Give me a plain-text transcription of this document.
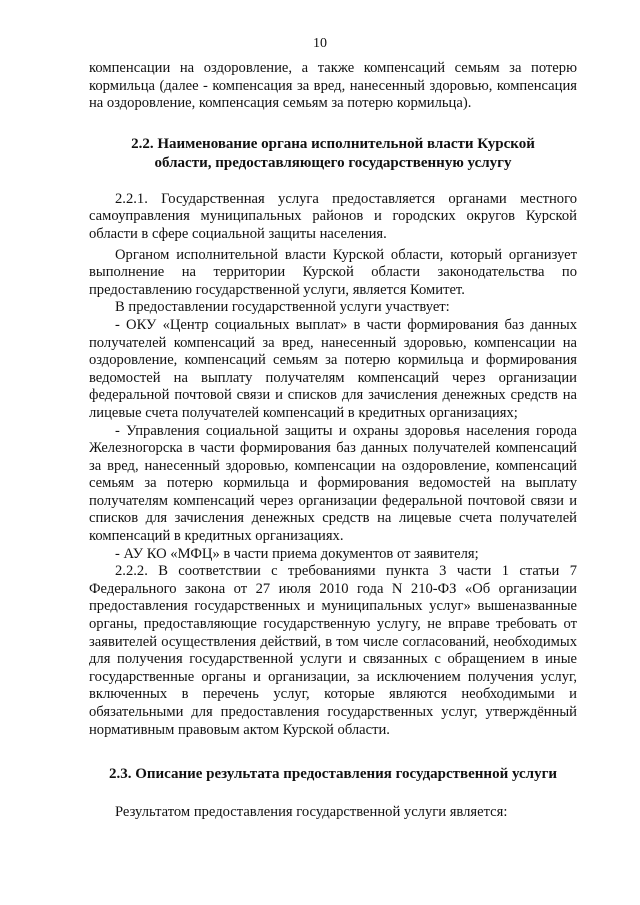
10

компенсации на оздоровление, а также компенсаций семьям за потерю кормильца (далее - компенсация за вред, нанесенный здоровью, компенсация на оздоровление, компенсация семьям за потерю кормильца).

2.2. Наименование органа исполнительной власти Курской области, предоставляющего государственную услугу

2.2.1. Государственная услуга предоставляется органами местного самоуправления муниципальных районов и городских округов Курской области в сфере социальной защиты населения.

Органом исполнительной власти Курской области, который организует выполнение на территории Курской области законодательства по предоставлению государственной услуги, является Комитет.

В предоставлении государственной услуги участвует:

- ОКУ «Центр социальных выплат» в части формирования баз данных получателей компенсаций за вред, нанесенный здоровью, компенсации на оздоровление, компенсаций семьям за потерю кормильца и формирования ведомостей на выплату получателям компенсаций через организации федеральной почтовой связи и списков для зачисления денежных средств на лицевые счета получателей компенсаций в кредитных организациях;

- Управления социальной защиты и охраны здоровья населения города Железногорска в части формирования баз данных получателей компенсаций за вред, нанесенный здоровью, компенсации на оздоровление, компенсаций семьям за потерю кормильца и формирования ведомостей на выплату получателям компенсаций через организации федеральной почтовой связи и списков для зачисления денежных средств на лицевые счета получателей компенсаций в кредитных организациях.

- АУ КО «МФЦ» в части приема документов от заявителя;

2.2.2. В соответствии с требованиями пункта 3 части 1 статьи 7 Федерального закона от 27 июля 2010 года N 210-ФЗ «Об организации предоставления государственных и муниципальных услуг» вышеназванные органы, предоставляющие государственную услугу, не вправе требовать от заявителей осуществления действий, в том числе согласований, необходимых для получения государственной услуги и связанных с обращением в иные государственные органы и организации, за исключением получения услуг, включенных в перечень услуг, которые являются необходимыми и обязательными для предоставления государственных услуг, утверждённый нормативным правовым актом Курской области.

2.3. Описание результата предоставления государственной услуги

Результатом предоставления государственной услуги является:
